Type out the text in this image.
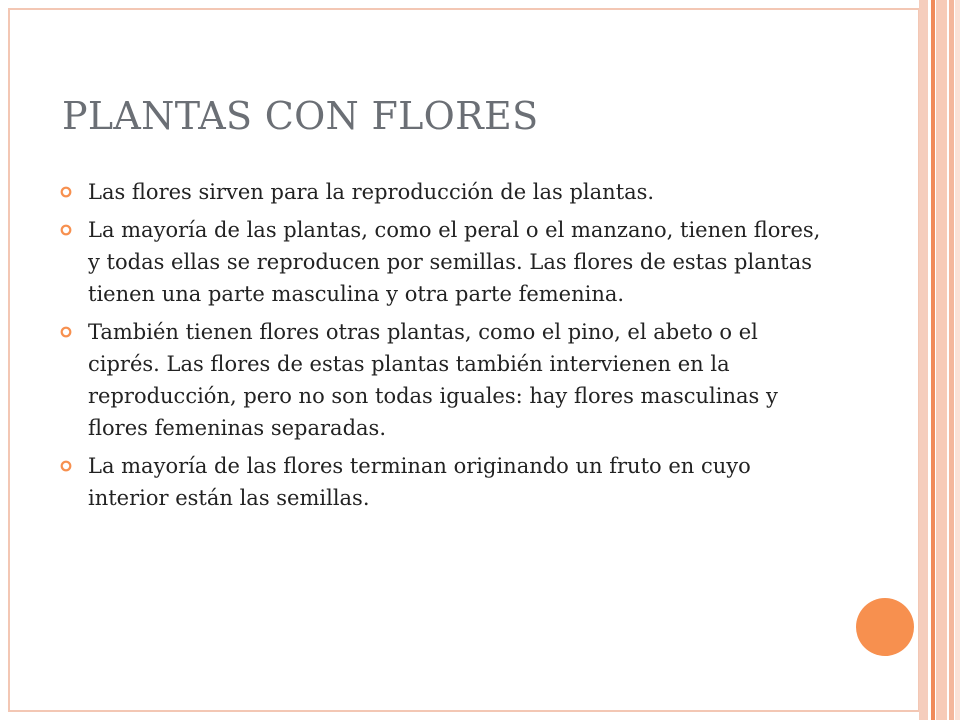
PLANTAS CON FLORES
Las flores sirven para la reproducción de las plantas.
La mayoría de las plantas, como el peral o el manzano, tienen flores, y todas ellas se reproducen por semillas. Las flores de estas plantas tienen una parte masculina y otra parte femenina.
También tienen flores otras plantas, como el pino, el abeto o el ciprés. Las flores de estas plantas también intervienen en la reproducción, pero no son todas iguales: hay flores masculinas y flores femeninas separadas.
La mayoría de las flores terminan originando un fruto en cuyo interior están las semillas.
